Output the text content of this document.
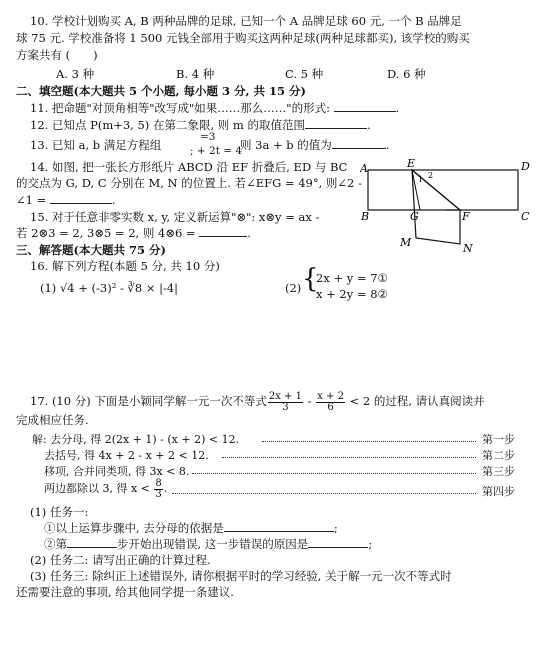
10. 学校计划购买 A, B 两种品牌的足球, 已知一个 A 品牌足球 60 元, 一个 B 品牌足
球 75 元. 学校准备将 1 500 元钱全部用于购买这两种足球(两种足球都买), 该学校的购买
方案共有 (　　)
A. 3 种	B. 4 种	C. 5 种	D. 6 种
二、填空题(本大题共 5 个小题, 每小题 3 分, 共 15 分)
11. 把命题"对顶角相等"改写成"如果……那么……"的形式:	.
12. 已知点 P(m+3, 5) 在第二象限, 则 m 的取值范围	.
13. 已知 a, b 满足方程组
=3
; + 2t = 4
则 3a + b 的值为	.
14. 如图, 把一张长方形纸片 ABCD 沿 EF 折叠后, ED 与 BC
的交点为 G, D, C 分别在 M, N 的位置上. 若∠EFG = 49°, 则∠2 -
∠1 =	.
15. 对于任意非零实数 x, y, 定义新运算"⊗": x⊗y = ax -
若 2⊗3 = 2, 3⊗5 = 2, 则 4⊗6 =	.
A	E	D
B	G	F	C
M	N
1 2
三、解答题(本大题共 75 分)
16. 解下列方程(本题 5 分, 共 10 分)
(1) √4 + (-3)² - ∛8 × |-4|	(2) {
2x + y = 7①
x + 2y = 8②
17. (10 分) 下面是小颖同学解一元一次不等式 $\frac{2x + 1}{3} - \frac{x + 2}{6} < 2$ 的过程, 请认真阅读并
完成相应任务.
解: 去分母, 得 2(2x + 1) - (x + 2) < 12.	第一步
去括号, 得 4x + 2 - x + 2 < 12.	第二步
移项, 合并同类项, 得 3x < 8.	第三步
两边都除以 3, 得 $x < \frac{8}{3}$ .	第四步
(1) 任务一:
①以上运算步骤中, 去分母的依据是	;
②第	步开始出现错误, 这一步错误的原因是	;
(2) 任务二: 请写出正确的计算过程.
(3) 任务三: 除纠正上述错误外, 请你根据平时的学习经验, 关于解一元一次不等式时
还需要注意的事项, 给其他同学提一条建议.
